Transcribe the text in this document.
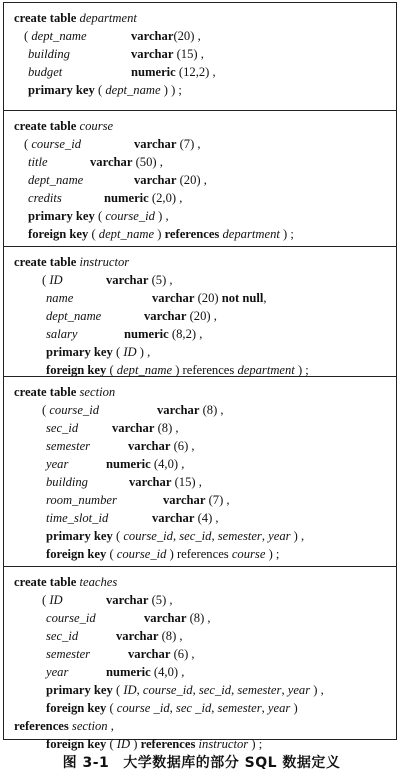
create table department
( dept_name	varchar(20) ,
building	varchar (15) ,
budget	numeric (12,2) ,
primary key ( dept_name ) ) ;
create table course
( course_id	varchar (7) ,
title	varchar (50) ,
dept_name	varchar (20) ,
credits	numeric (2,0) ,
primary key ( course_id ) ,
foreign key ( dept_name ) references department ) ;
create table instructor
( ID	varchar (5) ,
name	varchar (20) not null,
dept_name	varchar (20) ,
salary	numeric (8,2) ,
primary key ( ID ) ,
foreign key ( dept_name ) references department ) ;
create table section
( course_id	varchar (8) ,
sec_id	varchar (8) ,
semester	varchar (6) ,
year	numeric (4,0) ,
building	varchar (15) ,
room_number	varchar (7) ,
time_slot_id	varchar (4) ,
primary key ( course_id, sec_id, semester, year ) ,
foreign key ( course_id ) references course ) ;
create table teaches
( ID	varchar (5) ,
course_id	varchar (8) ,
sec_id	varchar (8) ,
semester	varchar (6) ,
year	numeric (4,0) ,
primary key ( ID, course_id, sec_id, semester, year ) ,
foreign key ( course _id, sec _id, semester, year )
references section ,
foreign key ( ID ) references instructor ) ;
图 3-1 大学数据库的部分 SQL 数据定义
